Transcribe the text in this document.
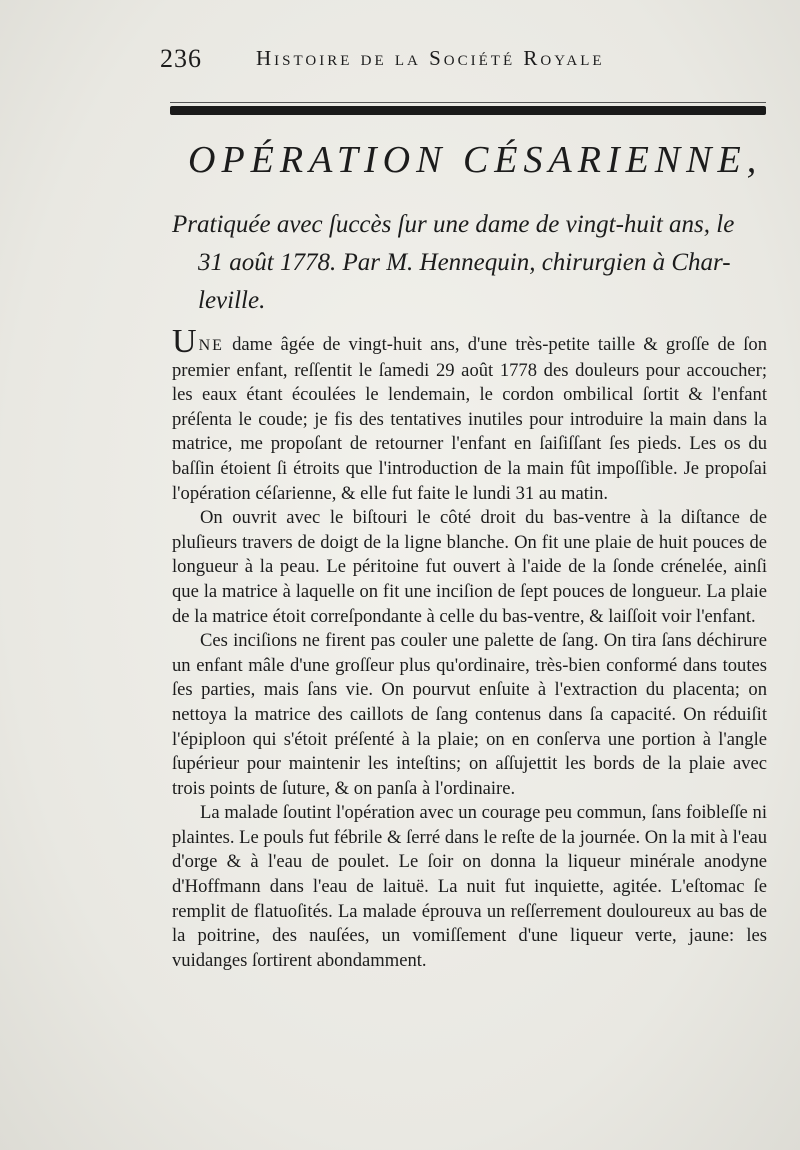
236	Histoire de la Société Royale
OPÉRATION CÉSARIENNE,
Pratiquée avec ſuccès ſur une dame de vingt-huit ans, le
31 août 1778. Par M. Hennequin, chirurgien à Char-
leville.

UNE dame âgée de vingt-huit ans, d'une très-petite taille & groſſe de ſon premier enfant, reſſentit le ſamedi 29 août 1778 des douleurs pour accoucher; les eaux étant écoulées le lendemain, le cordon ombilical ſortit & l'enfant préſenta le coude; je fis des tentatives inutiles pour introduire la main dans la matrice, me propoſant de retourner l'enfant en ſaiſiſſant ſes pieds. Les os du baſſin étoient ſi étroits que l'introduction de la main fût impoſſible. Je propoſai l'opération céſarienne, & elle fut faite le lundi 31 au matin.

On ouvrit avec le biſtouri le côté droit du bas-ventre à la diſtance de pluſieurs travers de doigt de la ligne blanche. On fit une plaie de huit pouces de longueur à la peau. Le péritoine fut ouvert à l'aide de la ſonde crénelée, ainſi que la matrice à laquelle on fit une inciſion de ſept pouces de longueur. La plaie de la matrice étoit correſpondante à celle du bas-ventre, & laiſſoit voir l'enfant.

Ces inciſions ne firent pas couler une palette de ſang. On tira ſans déchirure un enfant mâle d'une groſſeur plus qu'ordinaire, très-bien conformé dans toutes ſes parties, mais ſans vie. On pourvut enſuite à l'extraction du placenta; on nettoya la matrice des caillots de ſang contenus dans ſa capacité. On réduiſit l'épiploon qui s'étoit préſenté à la plaie; on en conſerva une portion à l'angle ſupérieur pour maintenir les inteſtins; on aſſujettit les bords de la plaie avec trois points de ſuture, & on panſa à l'ordinaire.

La malade ſoutint l'opération avec un courage peu commun, ſans foibleſſe ni plaintes. Le pouls fut fébrile & ſerré dans le reſte de la journée. On la mit à l'eau d'orge & à l'eau de poulet. Le ſoir on donna la liqueur minérale anodyne d'Hoffmann dans l'eau de laituë. La nuit fut inquiette, agitée. L'eſtomac ſe remplit de flatuoſités. La malade éprouva un reſſerrement douloureux au bas de la poitrine, des nauſées, un vomiſſement d'une liqueur verte, jaune: les vuidanges ſortirent abondamment.
